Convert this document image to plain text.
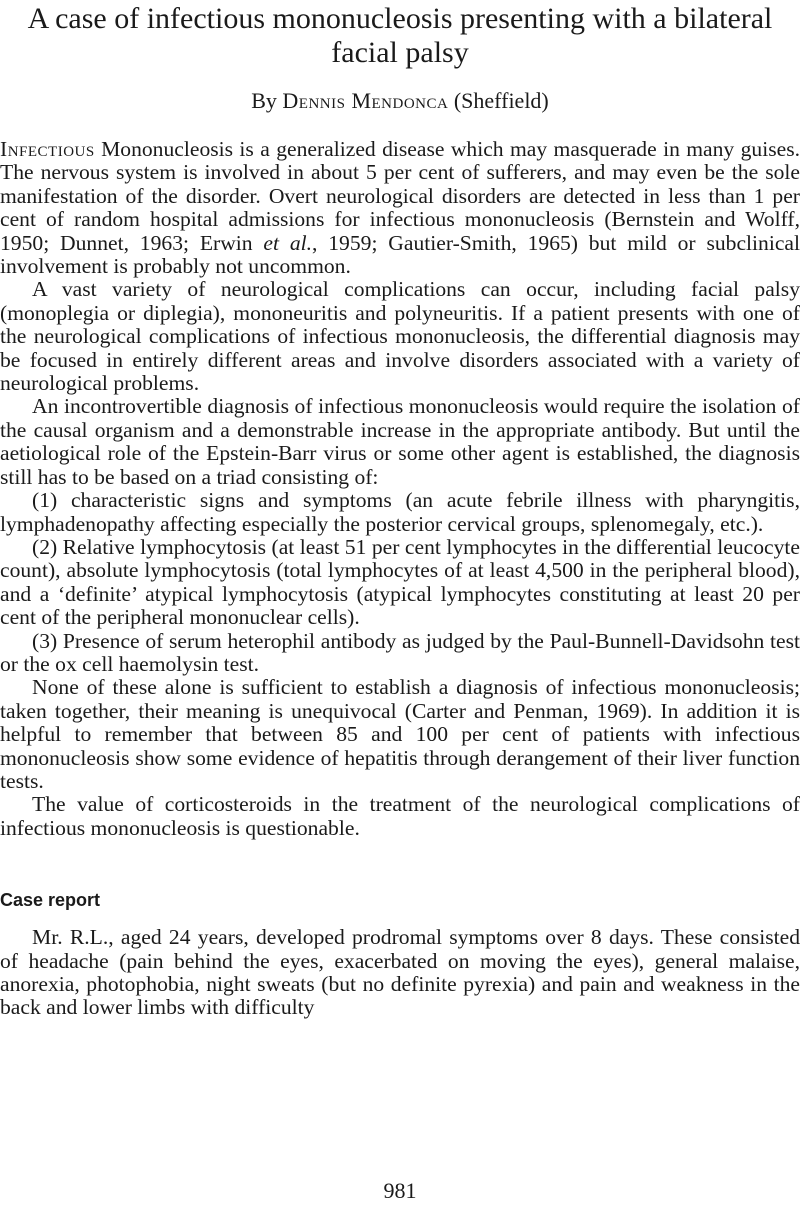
A case of infectious mononucleosis presenting with a bilateral facial palsy

By Dennis Mendonca (Sheffield)

Infectious Mononucleosis is a generalized disease which may masquerade in many guises. The nervous system is involved in about 5 per cent of sufferers, and may even be the sole manifestation of the disorder. Overt neurological disorders are detected in less than 1 per cent of random hospital admissions for infectious mononucleosis (Bernstein and Wolff, 1950; Dunnet, 1963; Erwin et al., 1959; Gautier-Smith, 1965) but mild or subclinical involvement is probably not uncommon.

A vast variety of neurological complications can occur, including facial palsy (monoplegia or diplegia), mononeuritis and polyneuritis. If a patient presents with one of the neurological complications of infectious mononucleosis, the differential diagnosis may be focused in entirely different areas and involve disorders associated with a variety of neurological problems.

An incontrovertible diagnosis of infectious mononucleosis would require the isolation of the causal organism and a demonstrable increase in the appropriate antibody. But until the aetiological role of the Epstein-Barr virus or some other agent is established, the diagnosis still has to be based on a triad consisting of:

(1) characteristic signs and symptoms (an acute febrile illness with pharyngitis, lymphadenopathy affecting especially the posterior cervical groups, splenomegaly, etc.).

(2) Relative lymphocytosis (at least 51 per cent lymphocytes in the differential leucocyte count), absolute lymphocytosis (total lymphocytes of at least 4,500 in the peripheral blood), and a ‘definite’ atypical lymphocytosis (atypical lymphocytes constituting at least 20 per cent of the peripheral mononuclear cells).

(3) Presence of serum heterophil antibody as judged by the Paul-Bunnell-Davidsohn test or the ox cell haemolysin test.

None of these alone is sufficient to establish a diagnosis of infectious mononucleosis; taken together, their meaning is unequivocal (Carter and Penman, 1969). In addition it is helpful to remember that between 85 and 100 per cent of patients with infectious mononucleosis show some evidence of hepatitis through derangement of their liver function tests.

The value of corticosteroids in the treatment of the neurological complications of infectious mononucleosis is questionable.

Case report

Mr. R.L., aged 24 years, developed prodromal symptoms over 8 days. These consisted of headache (pain behind the eyes, exacerbated on moving the eyes), general malaise, anorexia, photophobia, night sweats (but no definite pyrexia) and pain and weakness in the back and lower limbs with difficulty

981
